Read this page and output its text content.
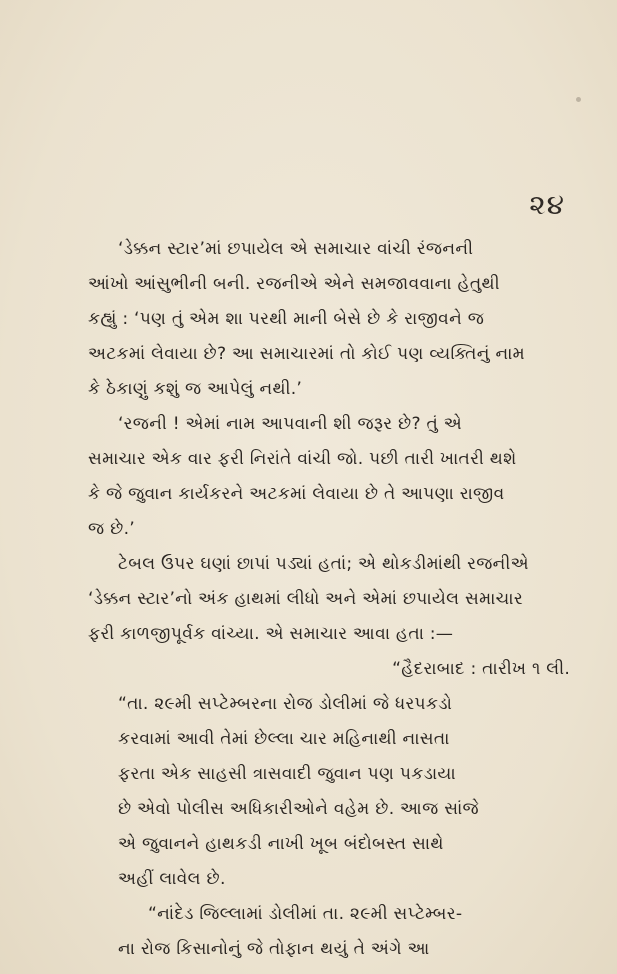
૨૪
‘ડેક્કન સ્ટાર’માં છપાયેલ એ સમાચાર વાંચી રંજનની
આંખો આંસુભીની બની. રજનીએ એને સમજાવવાના હેતુથી
કહ્યું : ‘પણ તું એમ શા પરથી માની બેસે છે કે રાજીવને જ
અટકમાં લેવાયા છે? આ સમાચારમાં તો કોઈ પણ વ્યક્તિનું નામ
કે ઠેકાણું કશું જ આપેલું નથી.’
‘રજની ! એમાં નામ આપવાની શી જરૂર છે? તું એ
સમાચાર એક વાર ફરી નિરાંતે વાંચી જો. પછી તારી ખાતરી થશે
કે જે જુવાન કાર્યકરને અટકમાં લેવાયા છે તે આપણા રાજીવ
જ છે.’
ટેબલ ઉપર ઘણાં છાપાં પડ્યાં હતાં; એ થોકડીમાંથી રજનીએ
‘ડેક્કન સ્ટાર’નો અંક હાથમાં લીધો અને એમાં છપાયેલ સમાચાર
ફરી કાળજીપૂર્વક વાંચ્યા. એ સમાચાર આવા હતા :—
“હૈદરાબાદ : તારીખ ૧ લી.
“તા. ૨૯મી સપ્ટેમ્બરના રોજ ડોલીમાં જે ધરપકડો
કરવામાં આવી તેમાં છેલ્લા ચાર મહિનાથી નાસતા
ફરતા એક સાહસી ત્રાસવાદી જુવાન પણ પકડાયા
છે એવો પોલીસ અધિકારીઓને વહેમ છે. આજ સાંજે
એ જુવાનને હાથકડી નાખી ખૂબ બંદોબસ્ત સાથે
અહીં લાવેલ છે.
“નાંદેડ જિલ્લામાં ડોલીમાં તા. ૨૯મી સપ્ટેમ્બર-
ના રોજ કિસાનોનું જે તોફાન થયું તે અંગે આ
